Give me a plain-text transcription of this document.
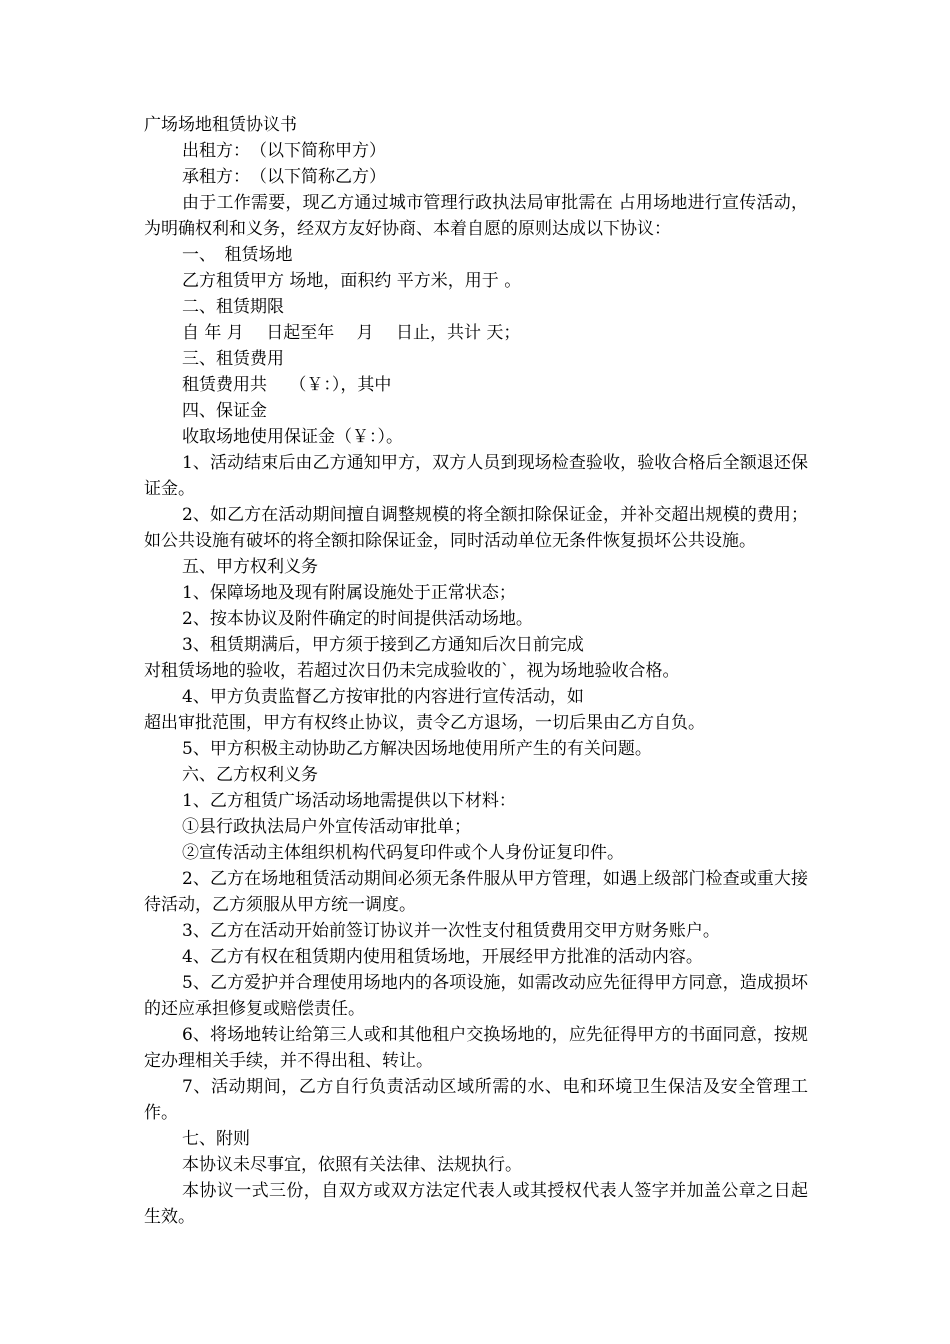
广场场地租赁协议书

出租方：　（以下简称甲方）

承租方：　（以下简称乙方）

由于工作需要，现乙方通过城市管理行政执法局审批需在 占用场地进行宣传活动，为明确权利和义务，经双方友好协商、本着自愿的原则达成以下协议：

一、　租赁场地

乙方租赁甲方 场地，面积约 平方米，用于 。

二、租赁期限

自 年 月　 日起至年　 月　 日止，共计 天；

三、租赁费用

租赁费用共　 （￥：），其中

四、保证金

收取场地使用保证金（￥：）。

1、活动结束后由乙方通知甲方，双方人员到现场检查验收，验收合格后全额退还保证金。

2、如乙方在活动期间擅自调整规模的将全额扣除保证金，并补交超出规模的费用；如公共设施有破坏的将全额扣除保证金，同时活动单位无条件恢复损坏公共设施。

五、甲方权利义务

1、保障场地及现有附属设施处于正常状态；

2、按本协议及附件确定的时间提供活动场地。

3、租赁期满后，甲方须于接到乙方通知后次日前完成

对租赁场地的验收，若超过次日仍未完成验收的`，视为场地验收合格。

4、甲方负责监督乙方按审批的内容进行宣传活动，如

超出审批范围，甲方有权终止协议，责令乙方退场，一切后果由乙方自负。

5、甲方积极主动协助乙方解决因场地使用所产生的有关问题。

六、乙方权利义务

1、乙方租赁广场活动场地需提供以下材料：

①县行政执法局户外宣传活动审批单；

②宣传活动主体组织机构代码复印件或个人身份证复印件。

2、乙方在场地租赁活动期间必须无条件服从甲方管理，如遇上级部门检查或重大接待活动，乙方须服从甲方统一调度。

3、乙方在活动开始前签订协议并一次性支付租赁费用交甲方财务账户。

4、乙方有权在租赁期内使用租赁场地，开展经甲方批准的活动内容。

5、乙方爱护并合理使用场地内的各项设施，如需改动应先征得甲方同意，造成损坏的还应承担修复或赔偿责任。

6、将场地转让给第三人或和其他租户交换场地的，应先征得甲方的书面同意，按规定办理相关手续，并不得出租、转让。

7、活动期间，乙方自行负责活动区域所需的水、电和环境卫生保洁及安全管理工作。

七、附则

本协议未尽事宜，依照有关法律、法规执行。

本协议一式三份，自双方或双方法定代表人或其授权代表人签字并加盖公章之日起生效。
